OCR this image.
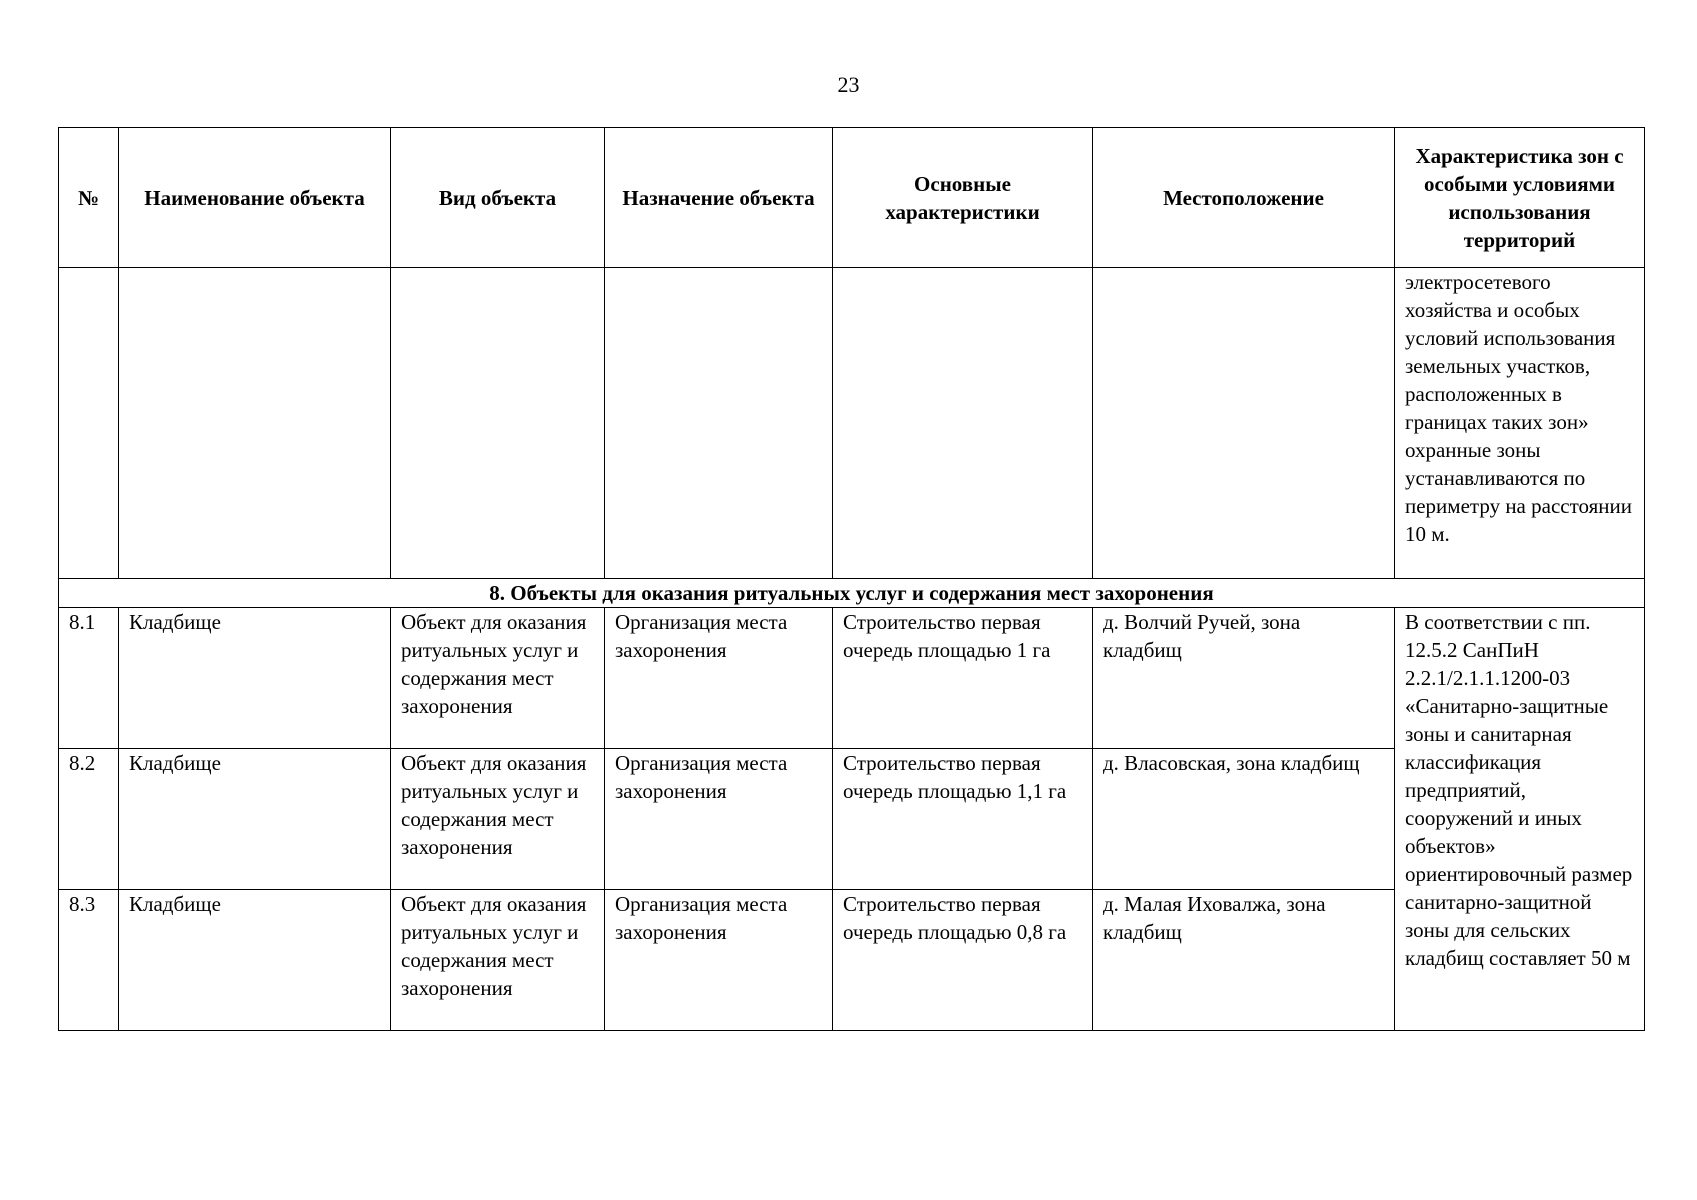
23
№	Наименование объекта	Вид объекта	Назначение объекта	Основные характеристики	Местоположение	Характеристика зон с особыми условиями использования территорий
						электросетевого хозяйства и особых условий использования земельных участков, расположенных в границах таких зон» охранные зоны устанавливаются по периметру на расстоянии 10 м.
8. Объекты для оказания ритуальных услуг и содержания мест захоронения						
8.1	Кладбище	Объект для оказания ритуальных услуг и содержания мест захоронения	Организация места захоронения	Строительство первая очередь площадью 1 га	д. Волчий Ручей, зона кладбищ	В соответствии с пп. 12.5.2 СанПиН 2.2.1/2.1.1.1200-03 «Санитарно-защитные зоны и санитарная классификация предприятий, сооружений и иных объектов» ориентировочный размер санитарно-защитной зоны для сельских кладбищ составляет 50 м
8.2	Кладбище	Объект для оказания ритуальных услуг и содержания мест захоронения	Организация места захоронения	Строительство первая очередь площадью 1,1 га	д. Власовская, зона кладбищ	
8.3	Кладбище	Объект для оказания ритуальных услуг и содержания мест захоронения	Организация места захоронения	Строительство первая очередь площадью 0,8 га	д. Малая Иховалжа, зона кладбищ	
